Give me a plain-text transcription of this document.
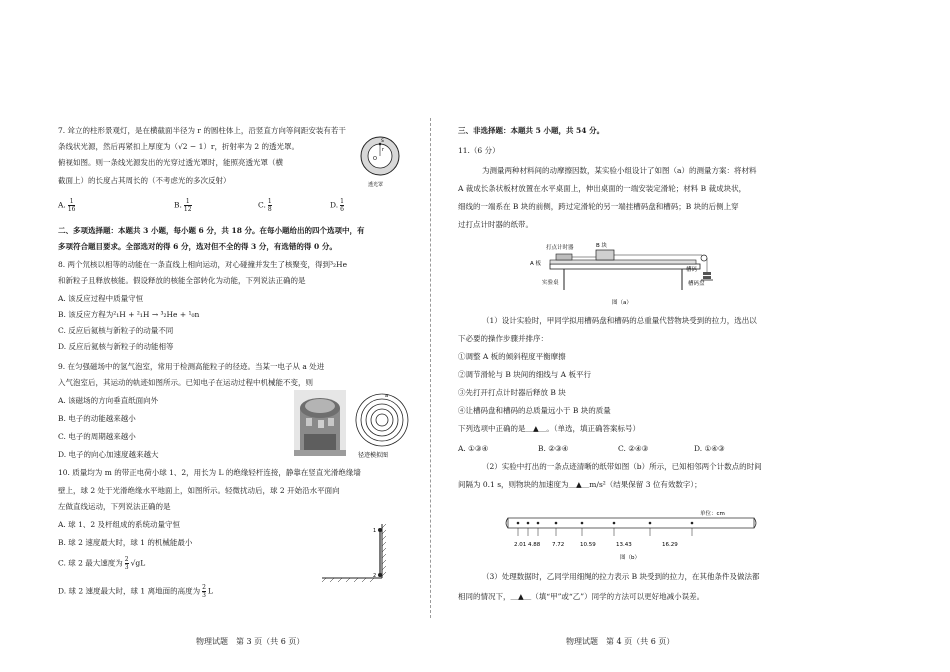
7. 耸立的柱形景观灯，是在横截面半径为 r 的圆柱体上，沿竖直方向等间距安装有若干
条线状光源，然后再紧扣上厚度为（√2 − 1）r，折射率为 2 的透光罩。
俯视如图。则一条线光源发出的光穿过透光罩时，能照亮透光罩（横
截面上）的长度占其周长的（不考虑光的多次反射）
r
O
S
透光罩
A. $\frac{1}{16}$	B. $\frac{1}{12}$	C. $\frac{1}{8}$	D. $\frac{1}{6}$
二、多项选择题：本题共 3 小题，每小题 6 分，共 18 分。在每小题给出的四个选项中，有
多项符合题目要求。全部选对的得 6 分，选对但不全的得 3 分，有选错的得 0 分。
8. 两个氘核以相等的动能在一条直线上相向运动，对心碰撞并发生了核聚变，得到³₂He
和新粒子且释放核能。假设释放的核能全部转化为动能，下列说法正确的是
A. 该反应过程中质量守恒
B. 该反应方程为²₁H + ²₁H → ³₂He + ¹₀n
C. 反应后氦核与新粒子的动量不同
D. 反应后氦核与新粒子的动能相等
9. 在匀强磁场中的氢气泡室，常用于检测高能粒子的径迹。当某一电子从 a 处进
入气泡室后，其运动的轨迹如图所示。已知电子在运动过程中机械能不变，则
A. 该磁场的方向垂直纸面向外
B. 电子的动能越来越小
C. 电子的周期越来越小
D. 电子的向心加速度越来越大
a
径迹模拟图
10. 质量均为 m 的带正电荷小球 1、2，用长为 L 的绝缘轻杆连接，静靠在竖直光滑绝缘墙
壁上，球 2 处于光滑绝缘水平地面上，如图所示。轻微扰动后，球 2 开始沿水平面向
左做直线运动，下列说法正确的是
A. 球 1、2 及杆组成的系统动量守恒
B. 球 2 速度最大时，球 1 的机械能最小
C. 球 2 最大速度为 $\frac{2}{3} √gL$
D. 球 2 速度最大时，球 1 离地面的高度为 $\frac{2}{3}$ L
1
2
物理试题　第 3 页（共 6 页）
三、非选择题：本题共 5 小题，共 54 分。
11.（6 分）
为测量两种材料间的动摩擦因数，某实验小组设计了如图（a）的测量方案：将材料
A 裁成长条状板材放置在水平桌面上，伸出桌面的一端安装定滑轮；材料 B 裁成块状，
细线的一端系在 B 块的前侧，跨过定滑轮的另一端挂槽码盘和槽码；B 块的后侧上穿
过打点计时器的纸带。
打点计时器	B 块
A 板
实验桌
槽码
槽码盘
图（a）
（1）设计实验时，甲同学拟用槽码盘和槽码的总重量代替物块受到的拉力，选出以
下必要的操作步骤并排序：
①调整 A 板的倾斜程度平衡摩擦
②调节滑轮与 B 块间的细线与 A 板平行
③先打开打点计时器后释放 B 块
④让槽码盘和槽码的总质量远小于 B 块的质量
下列选项中正确的是＿▲＿。（单选，填正确答案标号）
A. ①③④	B. ②③④	C. ②④③	D. ①④③
（2）实验中打出的一条点迹清晰的纸带如图（b）所示，已知相邻两个计数点的时间
间隔为 0.1 s，则物块的加速度为＿▲＿m/s²（结果保留 3 位有效数字）；
单位：cm
2.01 4.88 7.72	10.59	13.43	16.29
图（b）
（3）处理数据时，乙同学用细绳的拉力表示 B 块受到的拉力，在其他条件及做法都
相同的情况下，＿▲＿（填“甲”或“乙”）同学的方法可以更好地减小误差。
物理试题　第 4 页（共 6 页）
